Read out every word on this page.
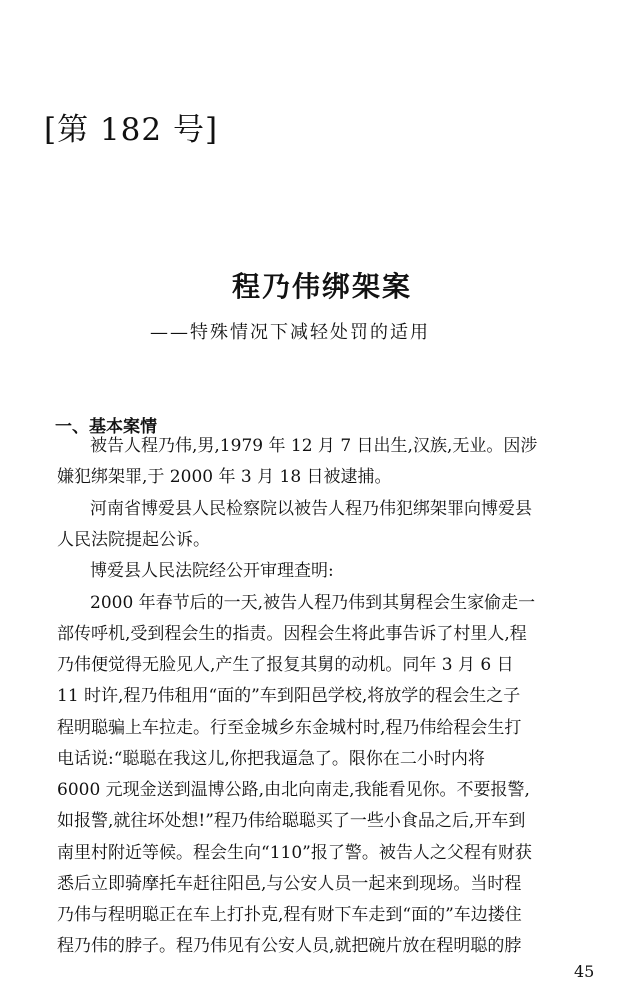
[第 182 号]
程乃伟绑架案
——特殊情况下减轻处罚的适用
一、基本案情
被告人程乃伟,男,1979 年 12 月 7 日出生,汉族,无业。因涉
嫌犯绑架罪,于 2000 年 3 月 18 日被逮捕。
河南省博爱县人民检察院以被告人程乃伟犯绑架罪向博爱县
人民法院提起公诉。
博爱县人民法院经公开审理查明:
2000 年春节后的一天,被告人程乃伟到其舅程会生家偷走一
部传呼机,受到程会生的指责。因程会生将此事告诉了村里人,程
乃伟便觉得无脸见人,产生了报复其舅的动机。同年 3 月 6 日
11 时许,程乃伟租用“面的”车到阳邑学校,将放学的程会生之子
程明聪骗上车拉走。行至金城乡东金城村时,程乃伟给程会生打
电话说:“聪聪在我这儿,你把我逼急了。限你在二小时内将
6000 元现金送到温博公路,由北向南走,我能看见你。不要报警,
如报警,就往坏处想!”程乃伟给聪聪买了一些小食品之后,开车到
南里村附近等候。程会生向“110”报了警。被告人之父程有财获
悉后立即骑摩托车赶往阳邑,与公安人员一起来到现场。当时程
乃伟与程明聪正在车上打扑克,程有财下车走到“面的”车边搂住
程乃伟的脖子。程乃伟见有公安人员,就把碗片放在程明聪的脖
45
